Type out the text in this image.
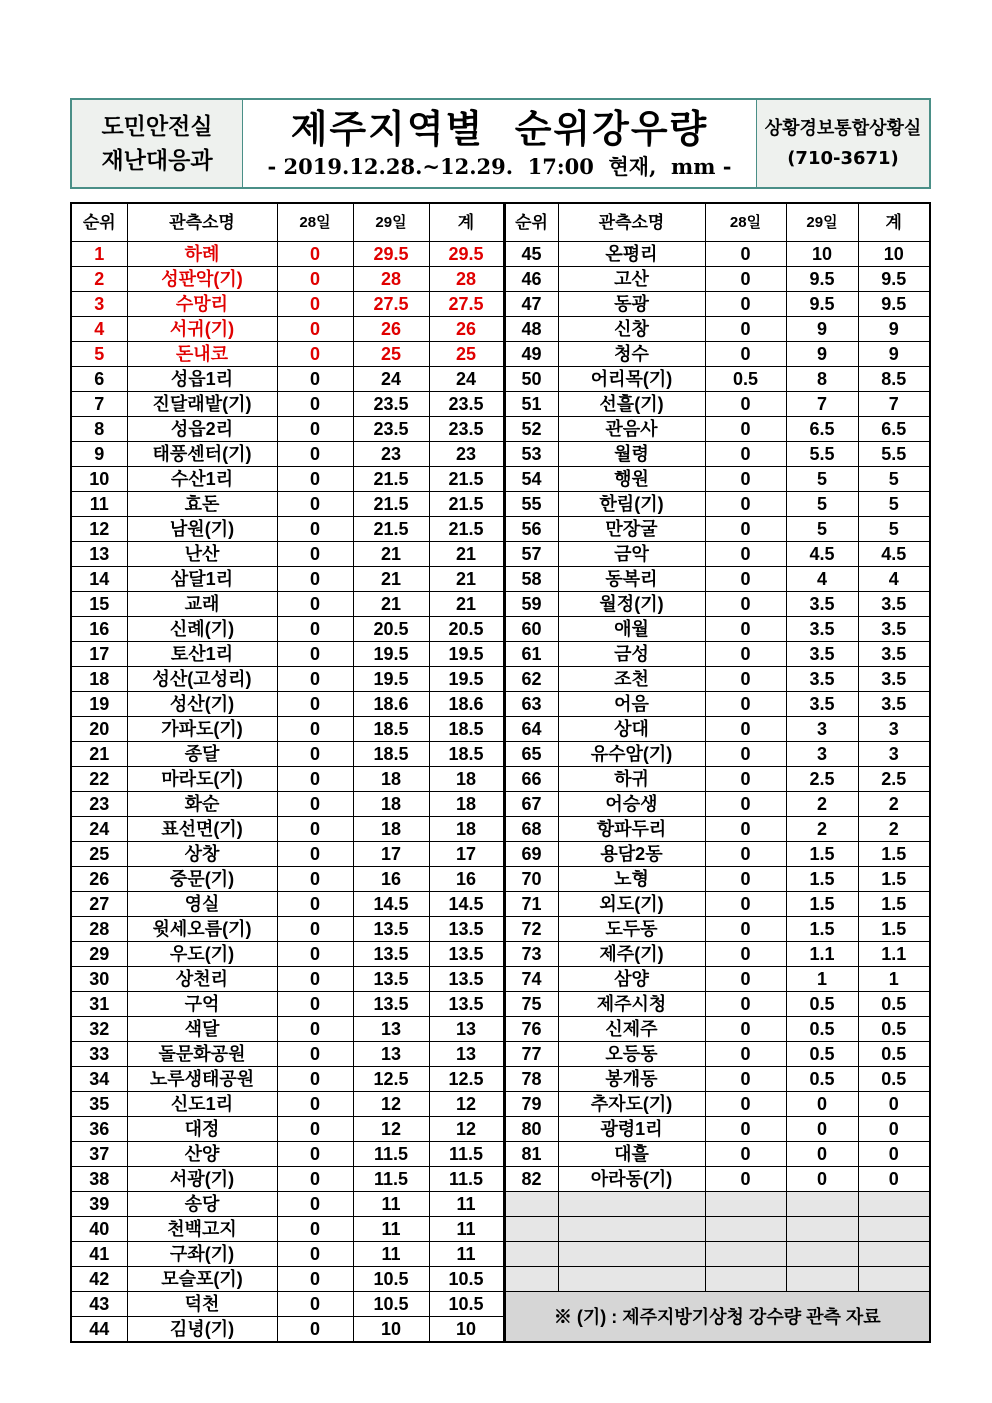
도민안전실
재난대응과
제주지역별  순위강우량
- 2019.12.28.~12.29.  17:00  현재,  mm -
상황경보통합상황실
(710-3671)
순위	관측소명	28일	29일	계	순위	관측소명	28일	29일	계
1	하례	0	29.5	29.5	45	온평리	0	10	10
2	성판악(기)	0	28	28	46	고산	0	9.5	9.5
3	수망리	0	27.5	27.5	47	동광	0	9.5	9.5
4	서귀(기)	0	26	26	48	신창	0	9	9
5	돈내코	0	25	25	49	청수	0	9	9
6	성읍1리	0	24	24	50	어리목(기)	0.5	8	8.5
7	진달래밭(기)	0	23.5	23.5	51	선흘(기)	0	7	7
8	성읍2리	0	23.5	23.5	52	관음사	0	6.5	6.5
9	태풍센터(기)	0	23	23	53	월령	0	5.5	5.5
10	수산1리	0	21.5	21.5	54	행원	0	5	5
11	효돈	0	21.5	21.5	55	한림(기)	0	5	5
12	남원(기)	0	21.5	21.5	56	만장굴	0	5	5
13	난산	0	21	21	57	금악	0	4.5	4.5
14	삼달1리	0	21	21	58	동복리	0	4	4
15	교래	0	21	21	59	월정(기)	0	3.5	3.5
16	신례(기)	0	20.5	20.5	60	애월	0	3.5	3.5
17	토산1리	0	19.5	19.5	61	금성	0	3.5	3.5
18	성산(고성리)	0	19.5	19.5	62	조천	0	3.5	3.5
19	성산(기)	0	18.6	18.6	63	어음	0	3.5	3.5
20	가파도(기)	0	18.5	18.5	64	상대	0	3	3
21	종달	0	18.5	18.5	65	유수암(기)	0	3	3
22	마라도(기)	0	18	18	66	하귀	0	2.5	2.5
23	화순	0	18	18	67	어승생	0	2	2
24	표선면(기)	0	18	18	68	항파두리	0	2	2
25	상창	0	17	17	69	용담2동	0	1.5	1.5
26	중문(기)	0	16	16	70	노형	0	1.5	1.5
27	영실	0	14.5	14.5	71	외도(기)	0	1.5	1.5
28	윗세오름(기)	0	13.5	13.5	72	도두동	0	1.5	1.5
29	우도(기)	0	13.5	13.5	73	제주(기)	0	1.1	1.1
30	상천리	0	13.5	13.5	74	삼양	0	1	1
31	구억	0	13.5	13.5	75	제주시청	0	0.5	0.5
32	색달	0	13	13	76	신제주	0	0.5	0.5
33	돌문화공원	0	13	13	77	오등동	0	0.5	0.5
34	노루생태공원	0	12.5	12.5	78	봉개동	0	0.5	0.5
35	신도1리	0	12	12	79	추자도(기)	0	0	0
36	대정	0	12	12	80	광령1리	0	0	0
37	산양	0	11.5	11.5	81	대흘	0	0	0
38	서광(기)	0	11.5	11.5	82	아라동(기)	0	0	0
39	송당	0	11	11					
40	천백고지	0	11	11					
41	구좌(기)	0	11	11					
42	모슬포(기)	0	10.5	10.5					
43	덕천	0	10.5	10.5	※ (기) : 제주지방기상청 강수량 관측 자료				
44	김녕(기)	0	10	10					
